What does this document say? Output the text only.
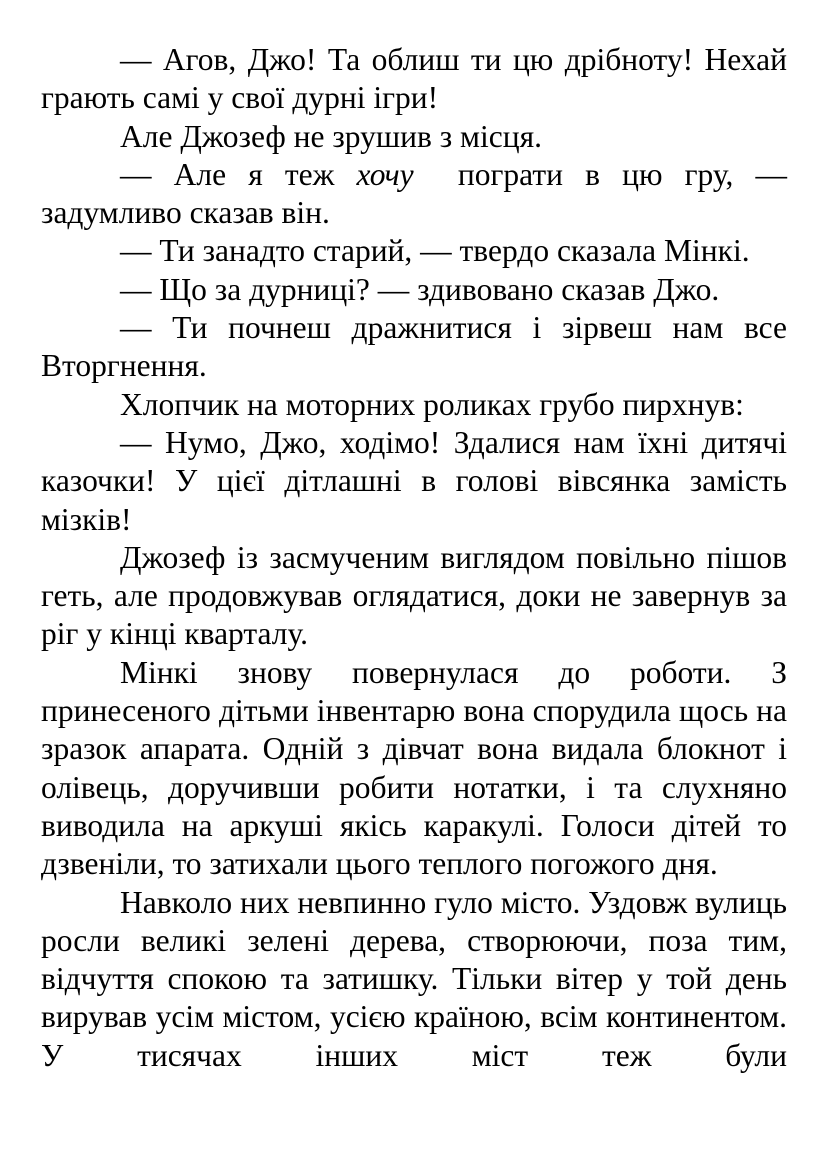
— Агов, Джо! Та облиш ти цю дрібноту! Нехай грають самі у свої дурні ігри!

Але Джозеф не зрушив з місця.

— Але я теж хочу  пограти в цю гру, — задумливо сказав він.

— Ти занадто старий, — твердо сказала Мінкі.

— Що за дурниці? — здивовано сказав Джо.

— Ти почнеш дражнитися і зірвеш нам все Вторгнення.

Хлопчик на моторних роликах грубо пирхнув:

— Нумо, Джо, ходімо! Здалися нам їхні дитячі казочки! У цієї дітлашні в голові вівсянка замість мізків!

Джозеф із засмученим виглядом повільно пішов геть, але продовжував оглядатися, доки не завернув за ріг у кінці кварталу.

Мінкі знову повернулася до роботи. З принесеного дітьми інвентарю вона спорудила щось на зразок апарата. Одній з дівчат вона видала блокнот і олівець, доручивши робити нотатки, і та слухняно виводила на аркуші якісь каракулі. Голоси дітей то дзвеніли, то затихали цього теплого погожого дня.

Навколо них невпинно гуло місто. Уздовж вулиць росли великі зелені дерева, створюючи, поза тим, відчуття спокою та затишку. Тільки вітер у той день вирував усім містом, усією країною, всім континентом. У тисячах інших міст теж були
